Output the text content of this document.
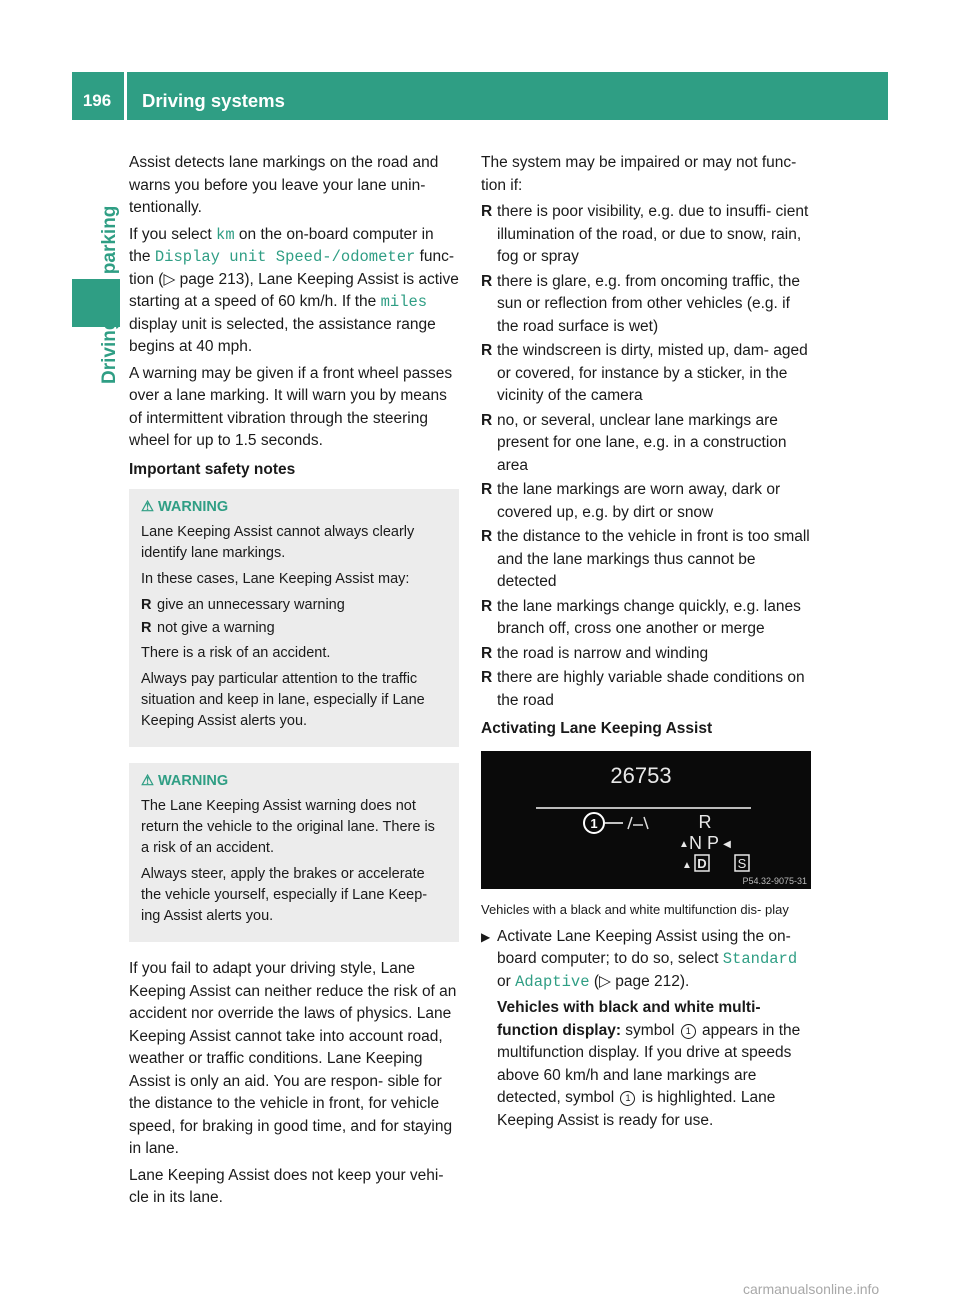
196	Driving systems

Assist detects lane markings on the road and warns you before you leave your lane unin- tentionally.

If you select km on the on-board computer in the Display unit Speed-/odometer func- tion (▷ page 213), Lane Keeping Assist is active starting at a speed of 60 km/h. If the miles display unit is selected, the assistance range begins at 40 mph.

A warning may be given if a front wheel passes over a lane marking. It will warn you by means of intermittent vibration through the steering wheel for up to 1.5 seconds.

Important safety notes

⚠ WARNING

Lane Keeping Assist cannot always clearly identify lane markings.

In these cases, Lane Keeping Assist may:

R give an unnecessary warning
R not give a warning

There is a risk of an accident.

Always pay particular attention to the traffic situation and keep in lane, especially if Lane Keeping Assist alerts you.

⚠ WARNING

The Lane Keeping Assist warning does not return the vehicle to the original lane. There is a risk of an accident.

Always steer, apply the brakes or accelerate the vehicle yourself, especially if Lane Keep- ing Assist alerts you.

If you fail to adapt your driving style, Lane Keeping Assist can neither reduce the risk of an accident nor override the laws of physics. Lane Keeping Assist cannot take into account road, weather or traffic conditions. Lane Keeping Assist is only an aid. You are respon- sible for the distance to the vehicle in front, for vehicle speed, for braking in good time, and for staying in lane.

Lane Keeping Assist does not keep your vehi- cle in its lane.

The system may be impaired or may not func- tion if:

R there is poor visibility, e.g. due to insuffi- cient illumination of the road, or due to snow, rain, fog or spray
R there is glare, e.g. from oncoming traffic, the sun or reflection from other vehicles (e.g. if the road surface is wet)
R the windscreen is dirty, misted up, dam- aged or covered, for instance by a sticker, in the vicinity of the camera
R no, or several, unclear lane markings are present for one lane, e.g. in a construction area
R the lane markings are worn away, dark or covered up, e.g. by dirt or snow
R the distance to the vehicle in front is too small and the lane markings thus cannot be detected
R the lane markings change quickly, e.g. lanes branch off, cross one another or merge
R the road is narrow and winding
R there are highly variable shade conditions on the road

Activating Lane Keeping Assist

26753
1	R
N P
▲	◀
▲ D S
P54.32-9075-31

Vehicles with a black and white multifunction dis- play

▶ Activate Lane Keeping Assist using the on- board computer; to do so, select Standard or Adaptive (▷ page 212).

Vehicles with black and white multi- function display: symbol 1 appears in the multifunction display. If you drive at speeds above 60 km/h and lane markings are detected, symbol 1 is highlighted. Lane Keeping Assist is ready for use.

carmanualsonline.info
